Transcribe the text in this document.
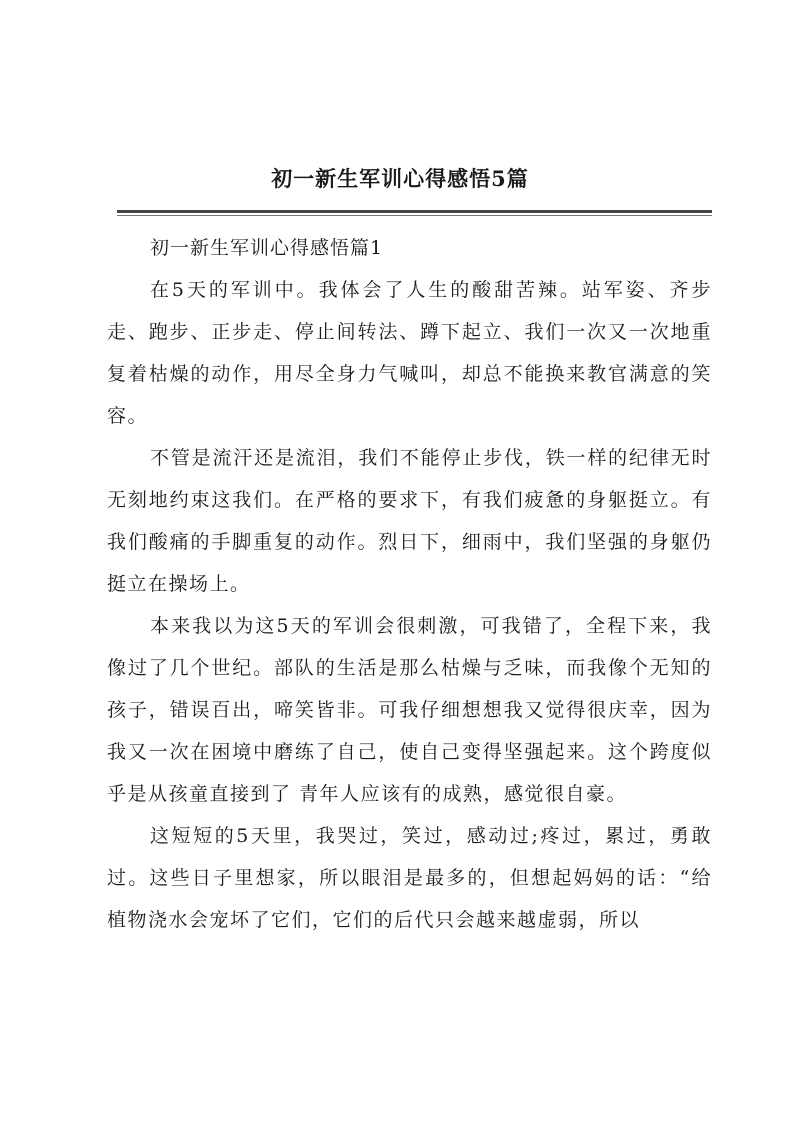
初一新生军训心得感悟5篇

初一新生军训心得感悟篇1

在5天的军训中。我体会了人生的酸甜苦辣。站军姿、齐步走、跑步、正步走、停止间转法、蹲下起立、我们一次又一次地重复着枯燥的动作，用尽全身力气喊叫，却总不能换来教官满意的笑容。

不管是流汗还是流泪，我们不能停止步伐，铁一样的纪律无时无刻地约束这我们。在严格的要求下，有我们疲惫的身躯挺立。有我们酸痛的手脚重复的动作。烈日下，细雨中，我们坚强的身躯仍挺立在操场上。

本来我以为这5天的军训会很刺激，可我错了，全程下来，我像过了几个世纪。部队的生活是那么枯燥与乏味，而我像个无知的孩子，错误百出，啼笑皆非。可我仔细想想我又觉得很庆幸，因为我又一次在困境中磨练了自己，使自己变得坚强起来。这个跨度似乎是从孩童直接到了 青年人应该有的成熟，感觉很自豪。

这短短的5天里，我哭过，笑过，感动过;疼过，累过，勇敢过。这些日子里想家，所以眼泪是最多的，但想起妈妈的话：“给植物浇水会宠坏了它们，它们的后代只会越来越虚弱，所以
